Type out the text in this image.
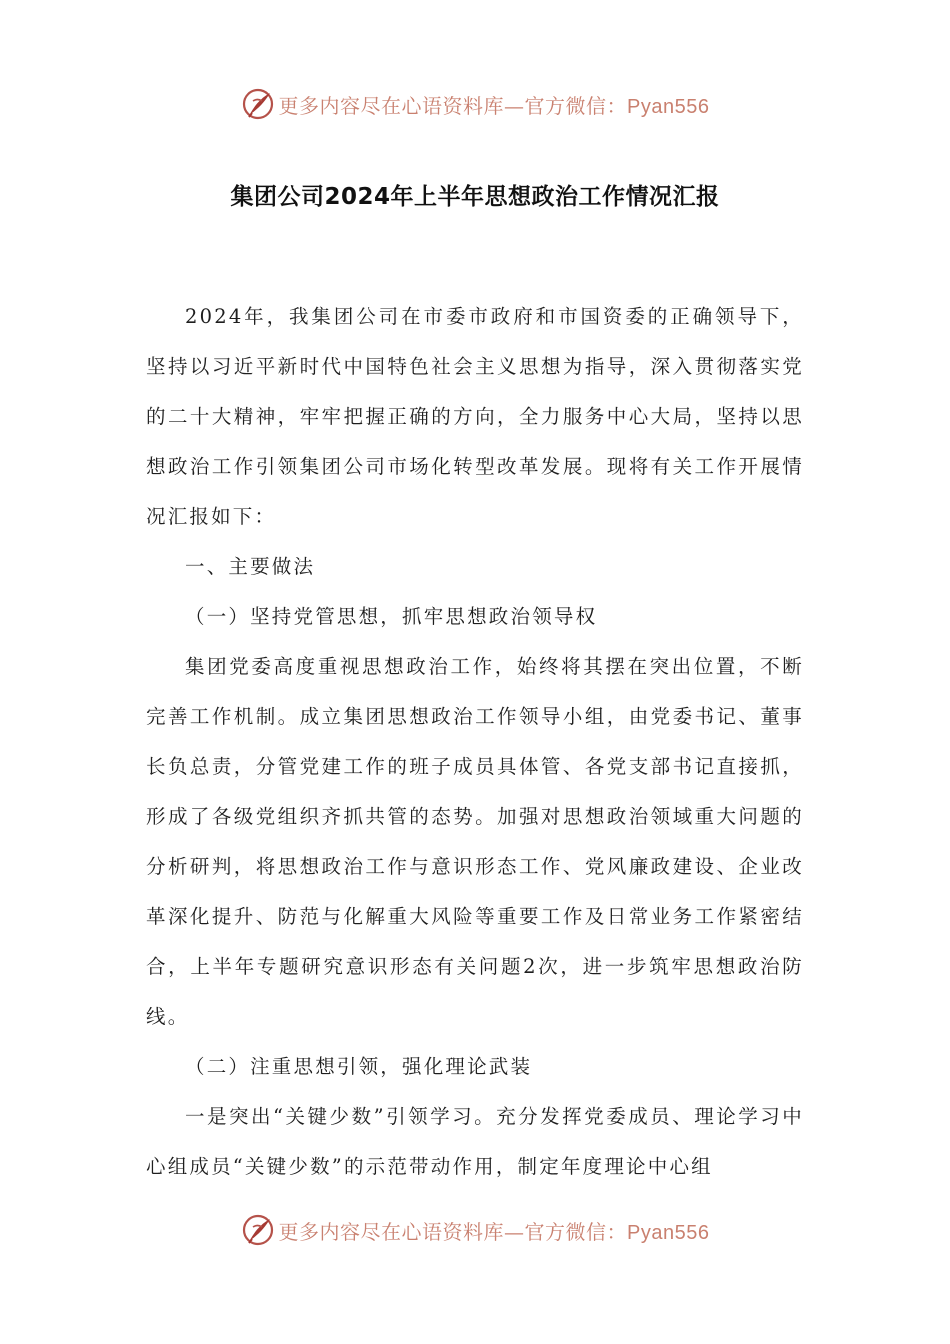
更多内容尽在心语资料库—官方微信：Pyan556
集团公司2024年上半年思想政治工作情况汇报

2024年，我集团公司在市委市政府和市国资委的正确领导下，坚持以习近平新时代中国特色社会主义思想为指导，深入贯彻落实党的二十大精神，牢牢把握正确的方向，全力服务中心大局，坚持以思想政治工作引领集团公司市场化转型改革发展。现将有关工作开展情况汇报如下：

一、主要做法

（一）坚持党管思想，抓牢思想政治领导权

集团党委高度重视思想政治工作，始终将其摆在突出位置，不断完善工作机制。成立集团思想政治工作领导小组，由党委书记、董事长负总责，分管党建工作的班子成员具体管、各党支部书记直接抓，形成了各级党组织齐抓共管的态势。加强对思想政治领域重大问题的分析研判，将思想政治工作与意识形态工作、党风廉政建设、企业改革深化提升、防范与化解重大风险等重要工作及日常业务工作紧密结合，上半年专题研究意识形态有关问题2次，进一步筑牢思想政治防线。

（二）注重思想引领，强化理论武装

一是突出“关键少数”引领学习。充分发挥党委成员、理论学习中心组成员“关键少数”的示范带动作用，制定年度理论中心组

更多内容尽在心语资料库—官方微信：Pyan556
